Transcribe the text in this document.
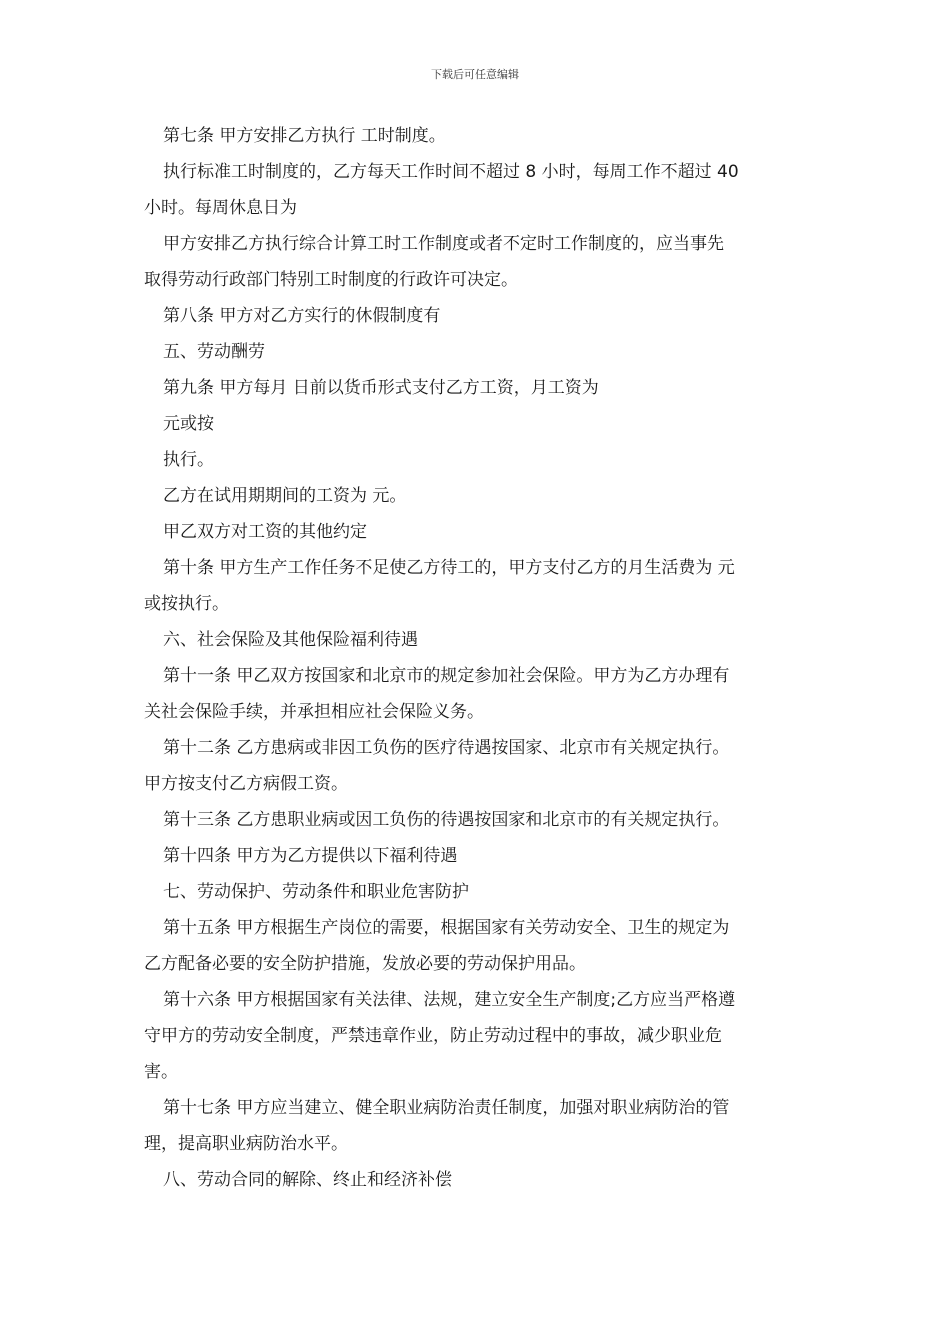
下载后可任意编辑
第七条 甲方安排乙方执行 工时制度。
执行标准工时制度的，乙方每天工作时间不超过 8 小时，每周工作不超过 40
小时。每周休息日为
甲方安排乙方执行综合计算工时工作制度或者不定时工作制度的，应当事先
取得劳动行政部门特别工时制度的行政许可决定。
第八条 甲方对乙方实行的休假制度有
五、劳动酬劳
第九条 甲方每月 日前以货币形式支付乙方工资，月工资为
元或按
执行。
乙方在试用期期间的工资为 元。
甲乙双方对工资的其他约定
第十条 甲方生产工作任务不足使乙方待工的，甲方支付乙方的月生活费为 元
或按执行。
六、社会保险及其他保险福利待遇
第十一条 甲乙双方按国家和北京市的规定参加社会保险。甲方为乙方办理有
关社会保险手续，并承担相应社会保险义务。
第十二条 乙方患病或非因工负伤的医疗待遇按国家、北京市有关规定执行。
甲方按支付乙方病假工资。
第十三条 乙方患职业病或因工负伤的待遇按国家和北京市的有关规定执行。
第十四条 甲方为乙方提供以下福利待遇
七、劳动保护、劳动条件和职业危害防护
第十五条 甲方根据生产岗位的需要，根据国家有关劳动安全、卫生的规定为
乙方配备必要的安全防护措施，发放必要的劳动保护用品。
第十六条 甲方根据国家有关法律、法规，建立安全生产制度;乙方应当严格遵
守甲方的劳动安全制度，严禁违章作业，防止劳动过程中的事故，减少职业危
害。
第十七条 甲方应当建立、健全职业病防治责任制度，加强对职业病防治的管
理，提高职业病防治水平。
八、劳动合同的解除、终止和经济补偿
